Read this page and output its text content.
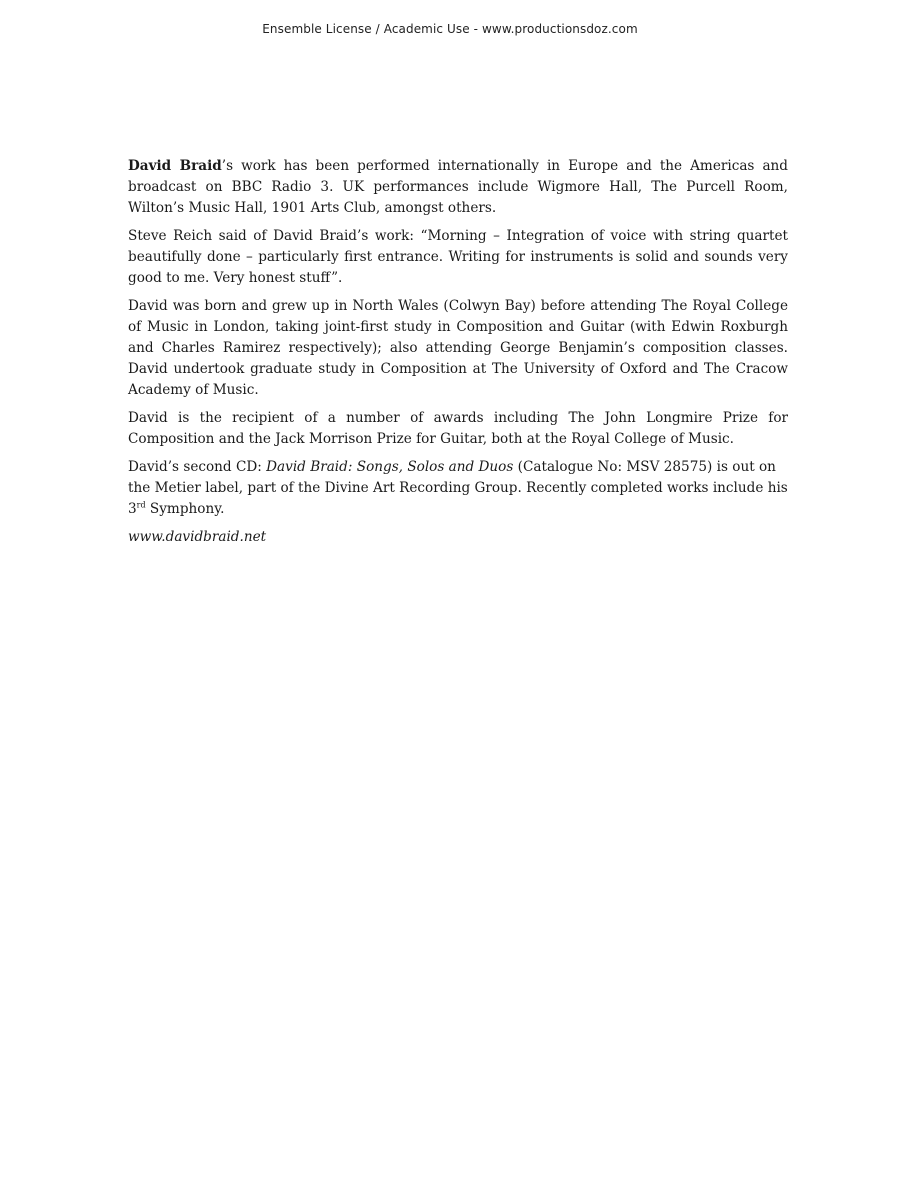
Ensemble License / Academic Use - www.productionsdoz.com

David Braid’s work has been performed internationally in Europe and the Americas and broadcast on BBC Radio 3. UK performances include Wigmore Hall, The Purcell Room, Wilton’s Music Hall, 1901 Arts Club, amongst others.

Steve Reich said of David Braid’s work: “Morning – Integration of voice with string quartet beautifully done – particularly first entrance. Writing for instruments is solid and sounds very good to me. Very honest stuff”.

David was born and grew up in North Wales (Colwyn Bay) before attending The Royal College of Music in London, taking joint-first study in Composition and Guitar (with Edwin Roxburgh and Charles Ramirez respectively); also attending George Benjamin’s composition classes. David undertook graduate study in Composition at The University of Oxford and The Cracow Academy of Music.

David is the recipient of a number of awards including The John Longmire Prize for Composition and the Jack Morrison Prize for Guitar, both at the Royal College of Music.

David’s second CD: David Braid: Songs, Solos and Duos (Catalogue No: MSV 28575) is out on the Metier label, part of the Divine Art Recording Group. Recently completed works include his 3rd Symphony.

www.davidbraid.net
